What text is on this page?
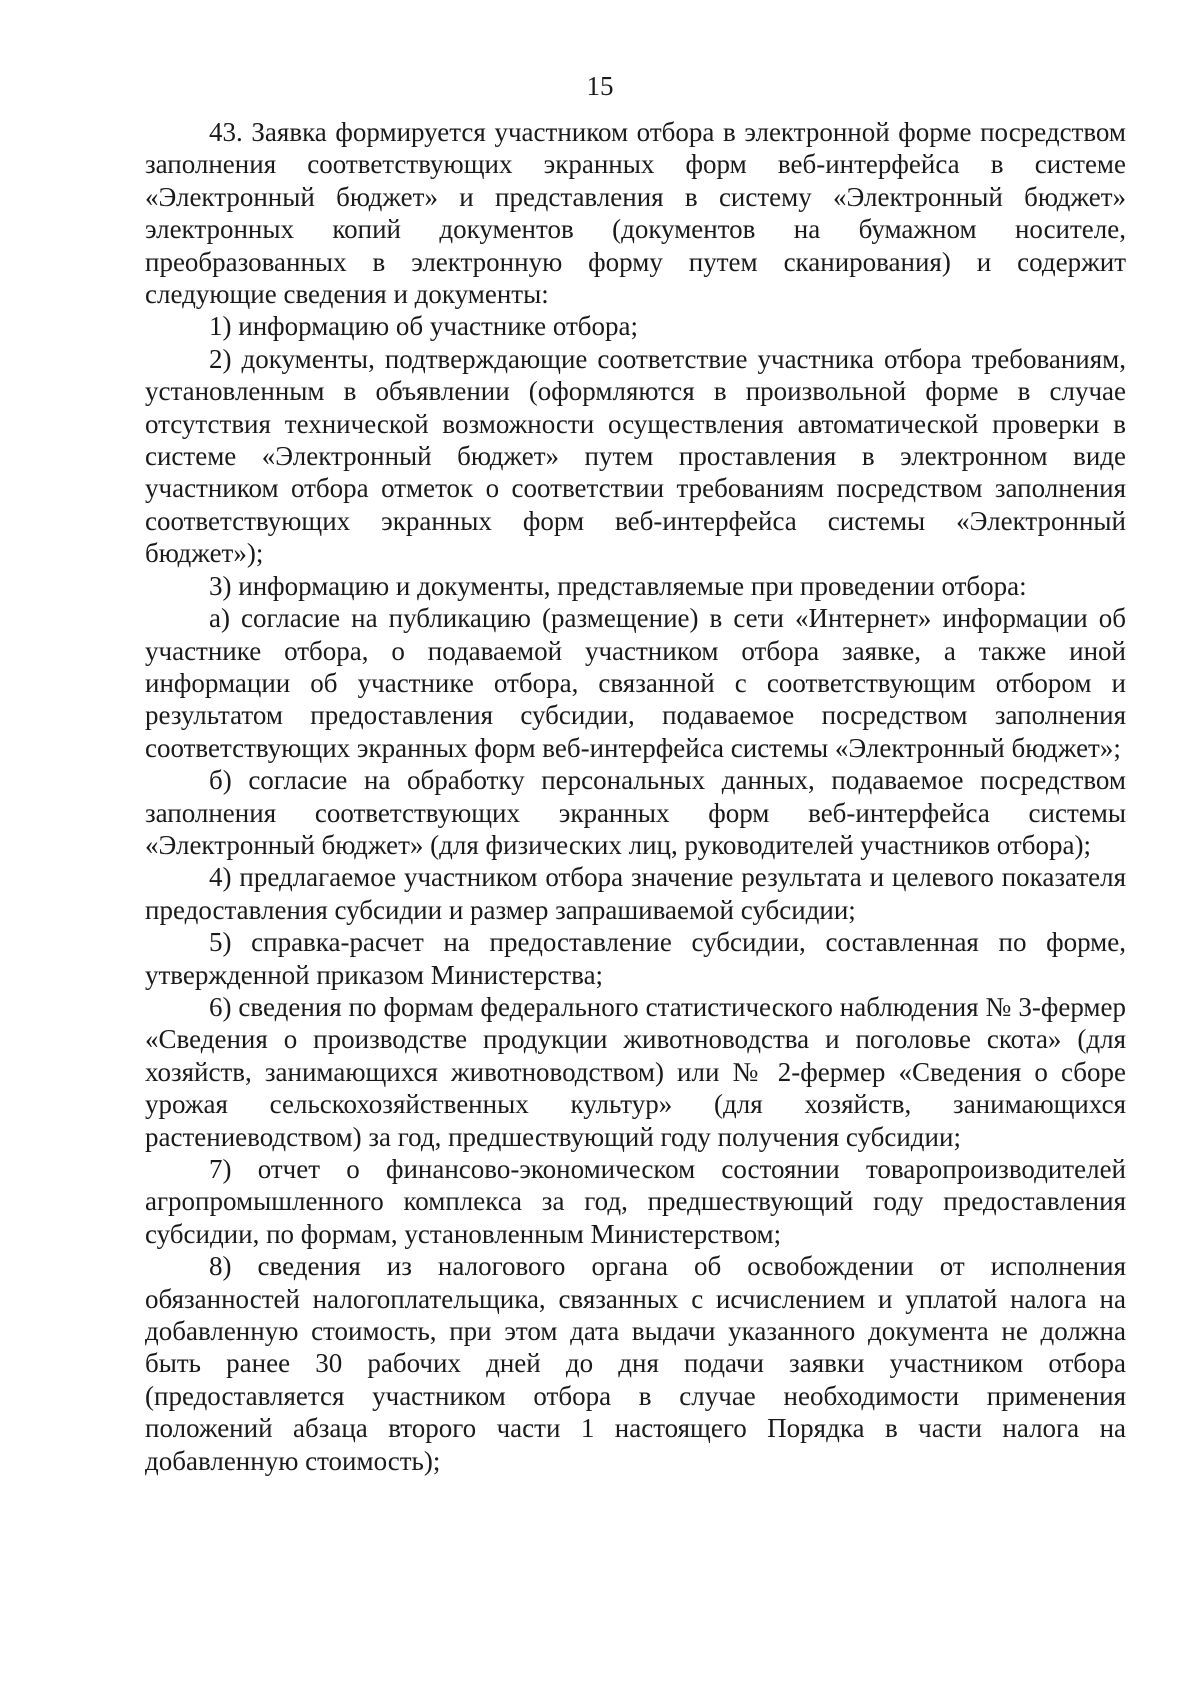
15

43. Заявка формируется участником отбора в электронной форме посредством заполнения соответствующих экранных форм веб-интерфейса в системе «Электронный бюджет» и представления в систему «Электронный бюджет» электронных копий документов (документов на бумажном носителе, преобразованных в электронную форму путем сканирования) и содержит следующие сведения и документы:

1) информацию об участнике отбора;

2) документы, подтверждающие соответствие участника отбора требованиям, установленным в объявлении (оформляются в произвольной форме в случае отсутствия технической возможности осуществления автоматической проверки в системе «Электронный бюджет» путем проставления в электронном виде участником отбора отметок о соответствии требованиям посредством заполнения соответствующих экранных форм веб-интерфейса системы «Электронный бюджет»);

3) информацию и документы, представляемые при проведении отбора:

а) согласие на публикацию (размещение) в сети «Интернет» информации об участнике отбора, о подаваемой участником отбора заявке, а также иной информации об участнике отбора, связанной с соответствующим отбором и результатом предоставления субсидии, подаваемое посредством заполнения соответствующих экранных форм веб-интерфейса системы «Электронный бюджет»;

б) согласие на обработку персональных данных, подаваемое посредством заполнения соответствующих экранных форм веб-интерфейса системы «Электронный бюджет» (для физических лиц, руководителей участников отбора);

4) предлагаемое участником отбора значение результата и целевого показателя предоставления субсидии и размер запрашиваемой субсидии;

5) справка-расчет на предоставление субсидии, составленная по форме, утвержденной приказом Министерства;

6) сведения по формам федерального статистического наблюдения № 3-фермер «Сведения о производстве продукции животноводства и поголовье скота» (для хозяйств, занимающихся животноводством) или № 2-фермер «Сведения о сборе урожая сельскохозяйственных культур» (для хозяйств, занимающихся растениеводством) за год, предшествующий году получения субсидии;

7) отчет о финансово-экономическом состоянии товаропроизводителей агропромышленного комплекса за год, предшествующий году предоставления субсидии, по формам, установленным Министерством;

8) сведения из налогового органа об освобождении от исполнения обязанностей налогоплательщика, связанных с исчислением и уплатой налога на добавленную стоимость, при этом дата выдачи указанного документа не должна быть ранее 30 рабочих дней до дня подачи заявки участником отбора (предоставляется участником отбора в случае необходимости применения положений абзаца второго части 1 настоящего Порядка в части налога на добавленную стоимость);
